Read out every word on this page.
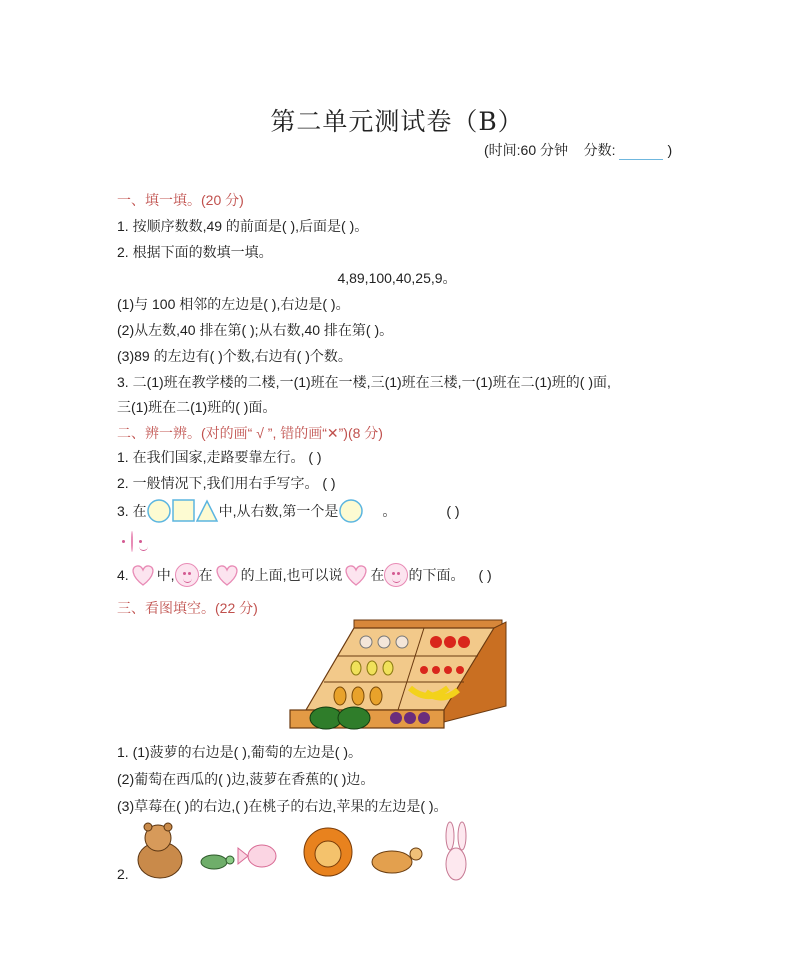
第二单元测试卷（B）
(时间:60 分钟 分数:	)
一、填一填。(20 分)
1. 按顺序数数,49 的前面是( ),后面是( )。
2. 根据下面的数填一填。
4,89,100,40,25,9。
(1)与 100 相邻的左边是( ),右边是( )。
(2)从左数,40 排在第( );从右数,40 排在第( )。
(3)89 的左边有( )个数,右边有( )个数。
3. 二(1)班在教学楼的二楼,一(1)班在一楼,三(1)班在三楼,一(1)班在二(1)班的( )面,
三(1)班在二(1)班的( )面。
二、辨一辨。(对的画“ √ ”, 错的画“✕”)(8 分)
1. 在我们国家,走路要靠左行。 ( )
2. 一般情况下,我们用右手写字。 ( )
3. 在	中,从右数,第一个是	。	( )
4. 中, 在 的上面,也可以说 在 的下面。 ( )
三、看图填空。(22 分)
1. (1)菠萝的右边是( ),葡萄的左边是( )。
(2)葡萄在西瓜的( )边,菠萝在香蕉的( )边。
(3)草莓在( )的右边,( )在桃子的右边,苹果的左边是( )。
2.
